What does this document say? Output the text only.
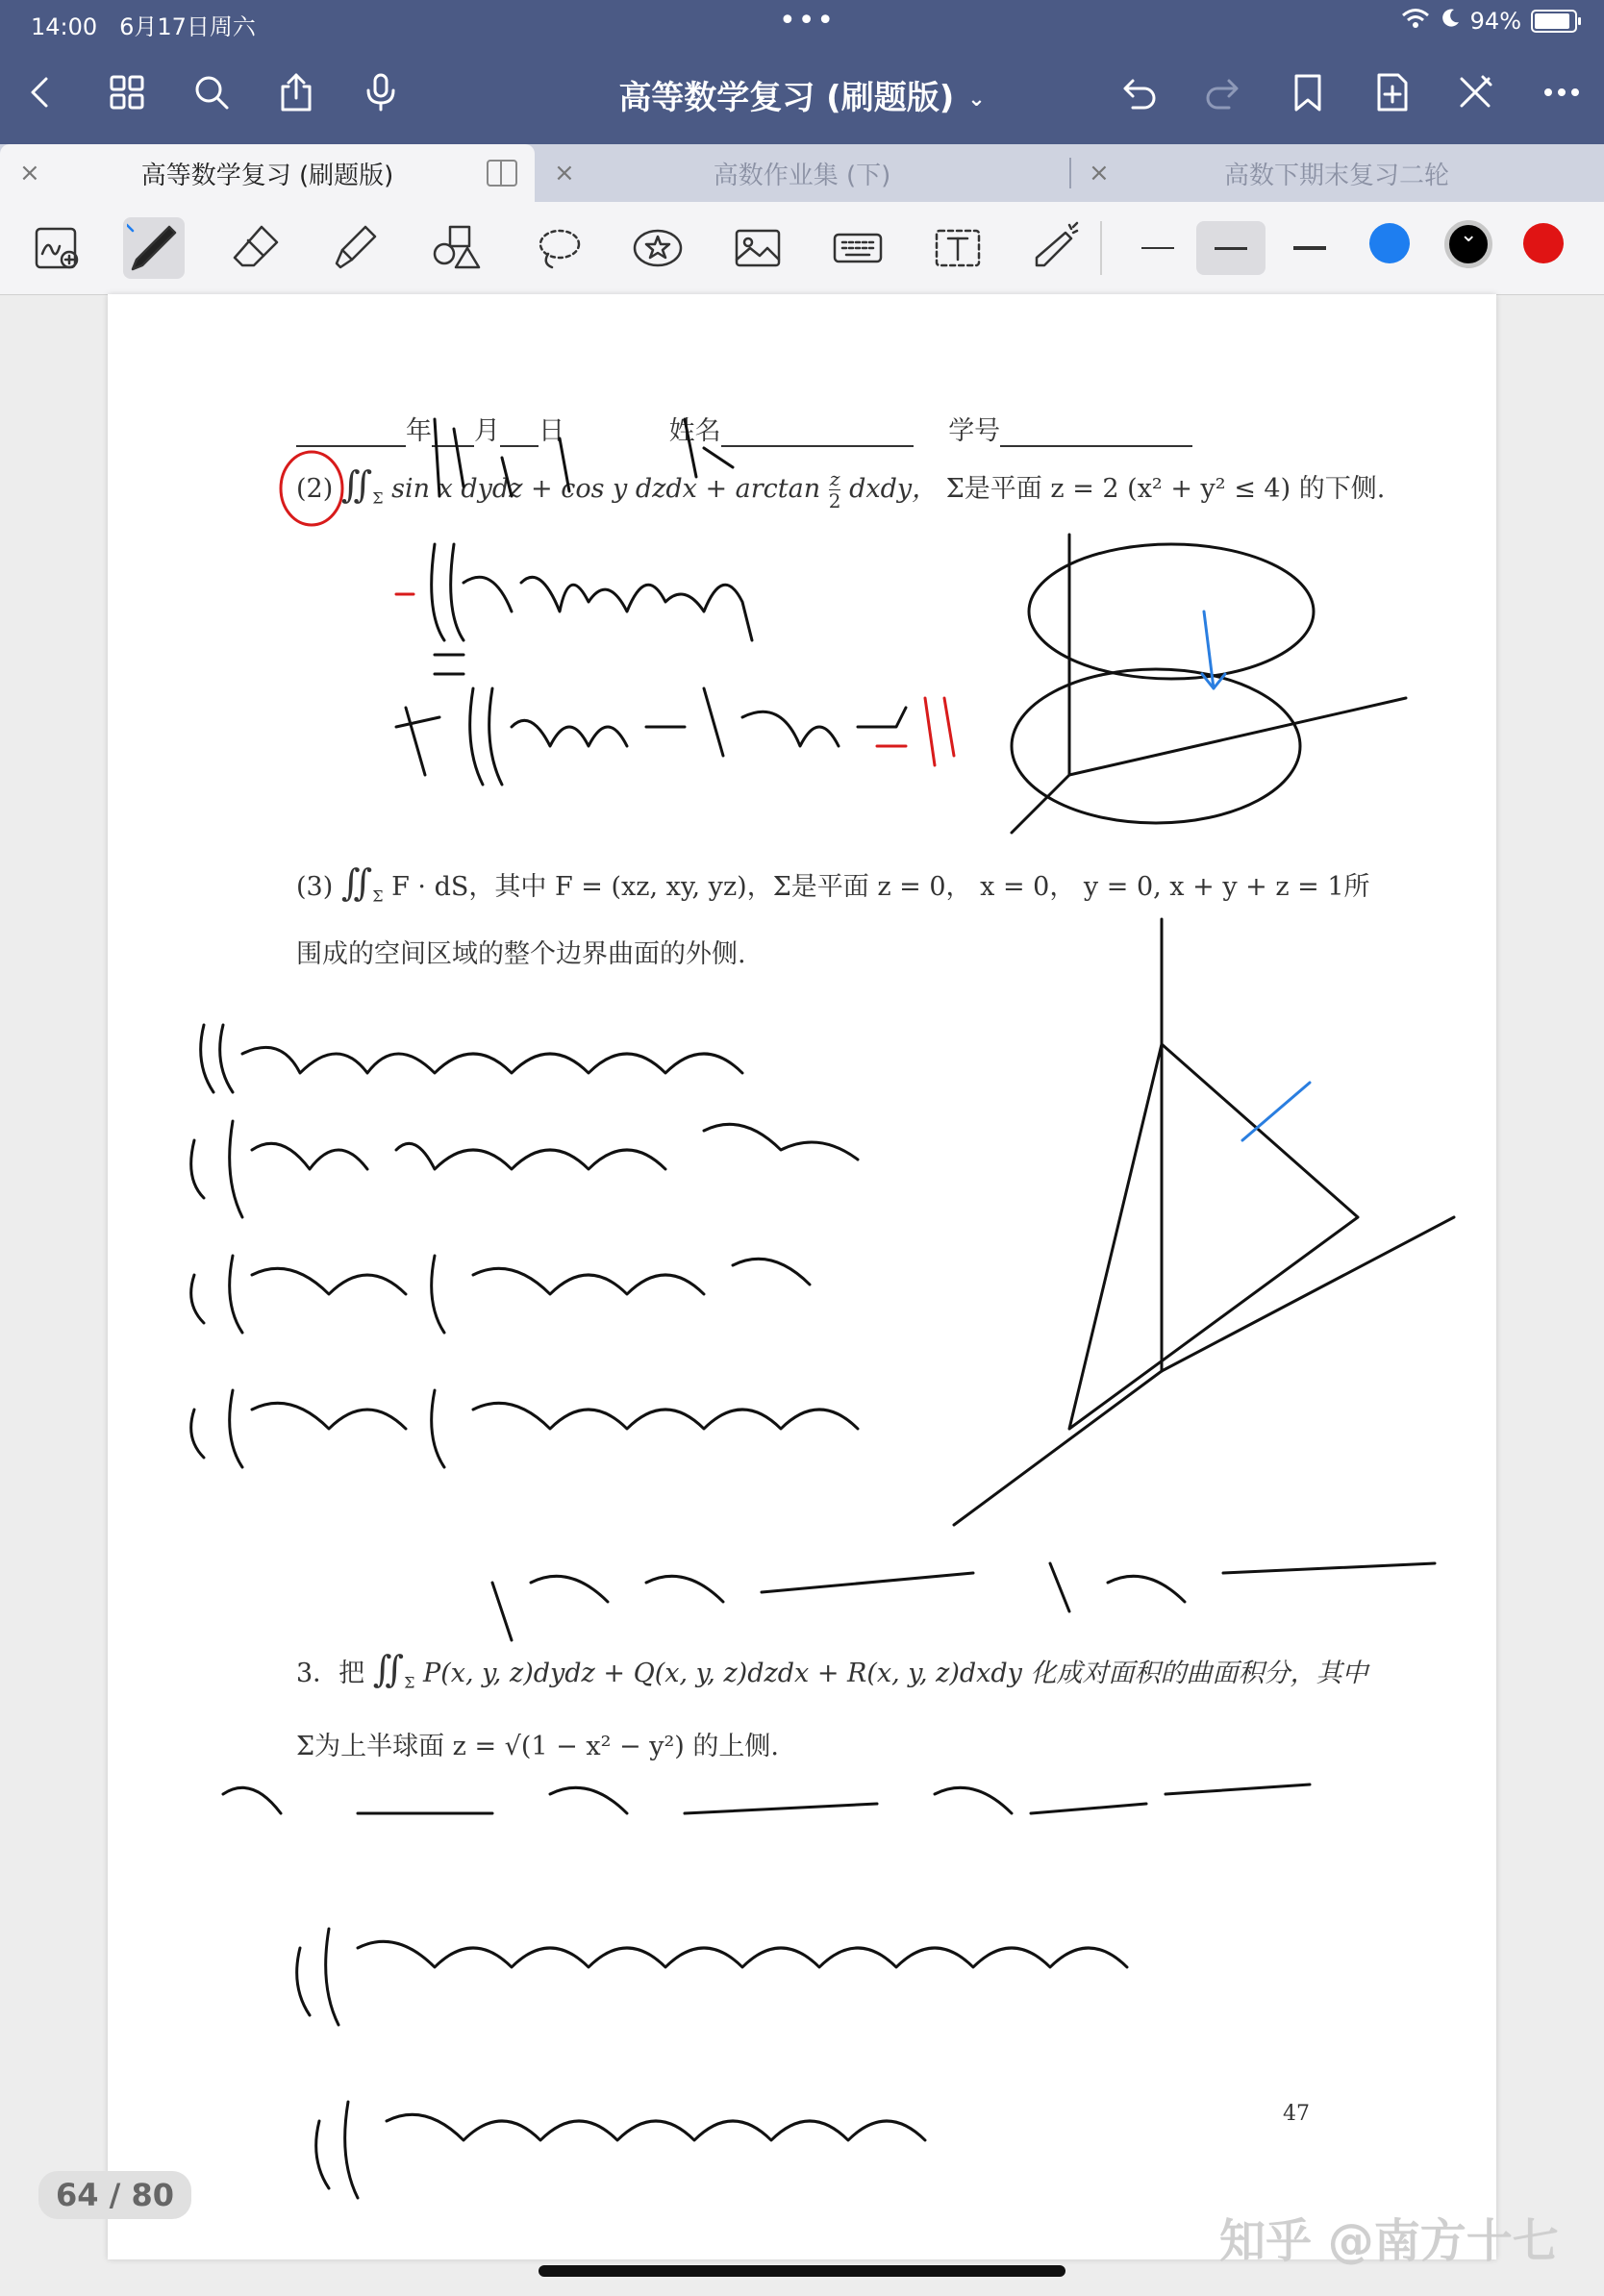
14:00 6月17日周六	•••	94%
高等数学复习 (刷题版) ⌄
×	高等数学复习 (刷题版)	×	高数作业集 (下)	×	高数下期末复习二轮
⌄
年 月 日	姓名	学号
(2) $∬_\Sigma$ sin x dydz + cos y dzdx + $\arctan \frac{z}{2}$ dxdy， Σ是平面 z = 2 (x² + y² ≤ 4) 的下侧.
(3) $∬_\Sigma$ F · dS，其中 F = (xz, xy, yz)，Σ是平面 z = 0， x = 0， y = 0, x + y + z = 1所
围成的空间区域的整个边界曲面的外侧.
3．把 $∬_\Sigma$ P(x, y, z)dydz + Q(x, y, z)dzdx + R(x, y, z)dxdy 化成对面积的曲面积分，其中
Σ为上半球面 z = √(1 − x² − y²) 的上侧.
47
64 / 80
知乎 @南方十七
